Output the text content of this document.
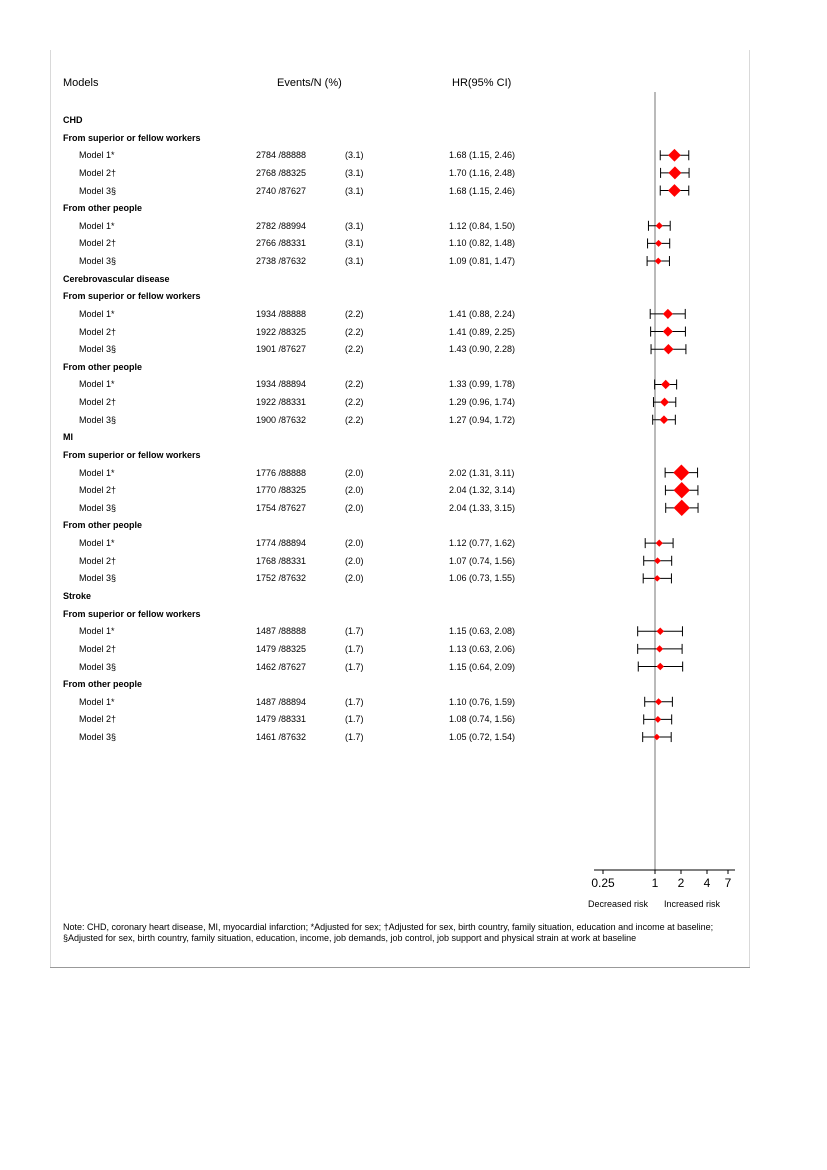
Models	Events/N (%)	HR(95% CI)
CHD
From superior or fellow workers
Model 1*	2784 /88888	(3.1)	1.68 (1.15, 2.46)
Model 2†	2768 /88325	(3.1)	1.70 (1.16, 2.48)
Model 3§	2740 /87627	(3.1)	1.68 (1.15, 2.46)
From other people
Model 1*	2782 /88994	(3.1)	1.12 (0.84, 1.50)
Model 2†	2766 /88331	(3.1)	1.10 (0.82, 1.48)
Model 3§	2738 /87632	(3.1)	1.09 (0.81, 1.47)
Cerebrovascular disease
From superior or fellow workers
Model 1*	1934 /88888	(2.2)	1.41 (0.88, 2.24)
Model 2†	1922 /88325	(2.2)	1.41 (0.89, 2.25)
Model 3§	1901 /87627	(2.2)	1.43 (0.90, 2.28)
From other people
Model 1*	1934 /88894	(2.2)	1.33 (0.99, 1.78)
Model 2†	1922 /88331	(2.2)	1.29 (0.96, 1.74)
Model 3§	1900 /87632	(2.2)	1.27 (0.94, 1.72)
MI
From superior or fellow workers
Model 1*	1776 /88888	(2.0)	2.02 (1.31, 3.11)
Model 2†	1770 /88325	(2.0)	2.04 (1.32, 3.14)
Model 3§	1754 /87627	(2.0)	2.04 (1.33, 3.15)
From other people
Model 1*	1774 /88894	(2.0)	1.12 (0.77, 1.62)
Model 2†	1768 /88331	(2.0)	1.07 (0.74, 1.56)
Model 3§	1752 /87632	(2.0)	1.06 (0.73, 1.55)
Stroke
From superior or fellow workers
Model 1*	1487 /88888	(1.7)	1.15 (0.63, 2.08)
Model 2†	1479 /88325	(1.7)	1.13 (0.63, 2.06)
Model 3§	1462 /87627	(1.7)	1.15 (0.64, 2.09)
From other people
Model 1*	1487 /88894	(1.7)	1.10 (0.76, 1.59)
Model 2†	1479 /88331	(1.7)	1.08 (0.74, 1.56)
Model 3§	1461 /87632	(1.7)	1.05 (0.72, 1.54)
0.25	1 2 4 7
Decreased risk Increased risk
Note: CHD, coronary heart disease, MI, myocardial infarction; *Adjusted for sex; †Adjusted for sex, birth country, family situation, education and income at baseline; §Adjusted for sex, birth country, family situation, education, income, job demands, job control, job support and physical strain at work at baseline
